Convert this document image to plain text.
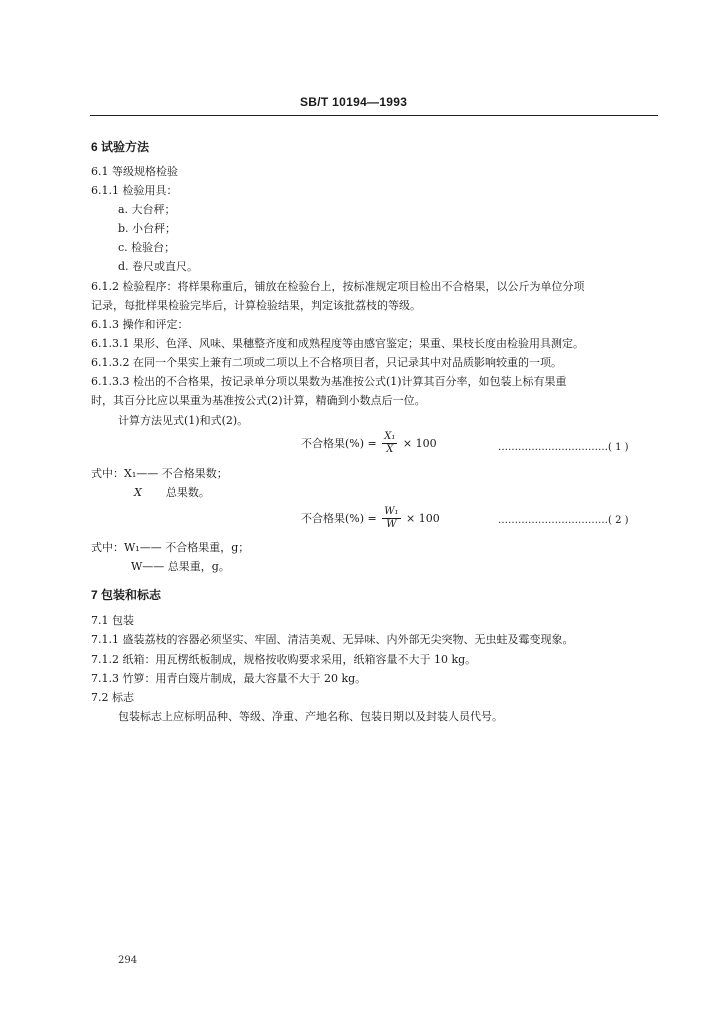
SB/T 10194—1993
6 试验方法
6.1 等级规格检验
6.1.1 检验用具：
a. 大台秤；
b. 小台秤；
c. 检验台；
d. 卷尺或直尺。
6.1.2 检验程序：将样果称重后，铺放在检验台上，按标准规定项目检出不合格果，以公斤为单位分项
记录，每批样果检验完毕后，计算检验结果，判定该批荔枝的等级。
6.1.3 操作和评定：
6.1.3.1 果形、色泽、风味、果穗整齐度和成熟程度等由感官鉴定；果重、果枝长度由检验用具测定。
6.1.3.2 在同一个果实上兼有二项或二项以上不合格项目者，只记录其中对品质影响较重的一项。
6.1.3.3 检出的不合格果，按记录单分项以果数为基准按公式(1)计算其百分率，如包装上标有果重
时，其百分比应以果重为基准按公式(2)计算，精确到小数点后一位。
计算方法见式(1)和式(2)。
不合格果(%) = $\frac{\text{X₁}}{X} \times 100$	……………………………( 1 )
式中：X₁—— 不合格果数；
X 总果数。
不合格果(%) = $\frac{\text{W₁}}{W} \times 100$	……………………………( 2 )
式中：W₁—— 不合格果重，g；
W—— 总果重，g。
7 包装和标志
7.1 包装
7.1.1 盛装荔枝的容器必须坚实、牢固、清洁美观、无异味、内外部无尖突物、无虫蛀及霉变现象。
7.1.2 纸箱：用瓦楞纸板制成，规格按收购要求采用，纸箱容量不大于 10 kg。
7.1.3 竹箩：用青白篾片制成，最大容量不大于 20 kg。
7.2 标志
包装标志上应标明品种、等级、净重、产地名称、包装日期以及封装人员代号。
294
